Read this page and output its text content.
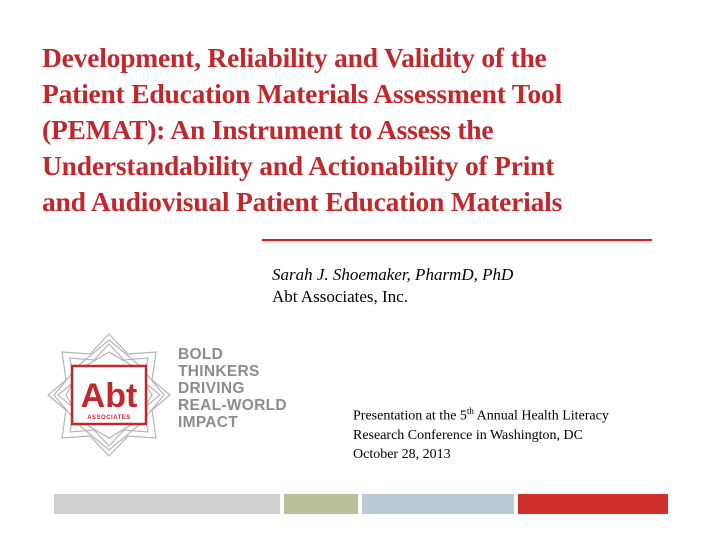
Development, Reliability and Validity of the
Patient Education Materials Assessment Tool
(PEMAT): An Instrument to Assess the
Understandability and Actionability of Print
and Audiovisual Patient Education Materials
Sarah J. Shoemaker, PharmD, PhD
Abt Associates, Inc.
Abt
ASSOCIATES
BOLD
THINKERS
DRIVING
REAL-WORLD
IMPACT	Presentation at the 5th Annual Health Literacy
Research Conference in Washington, DC
October 28, 2013
